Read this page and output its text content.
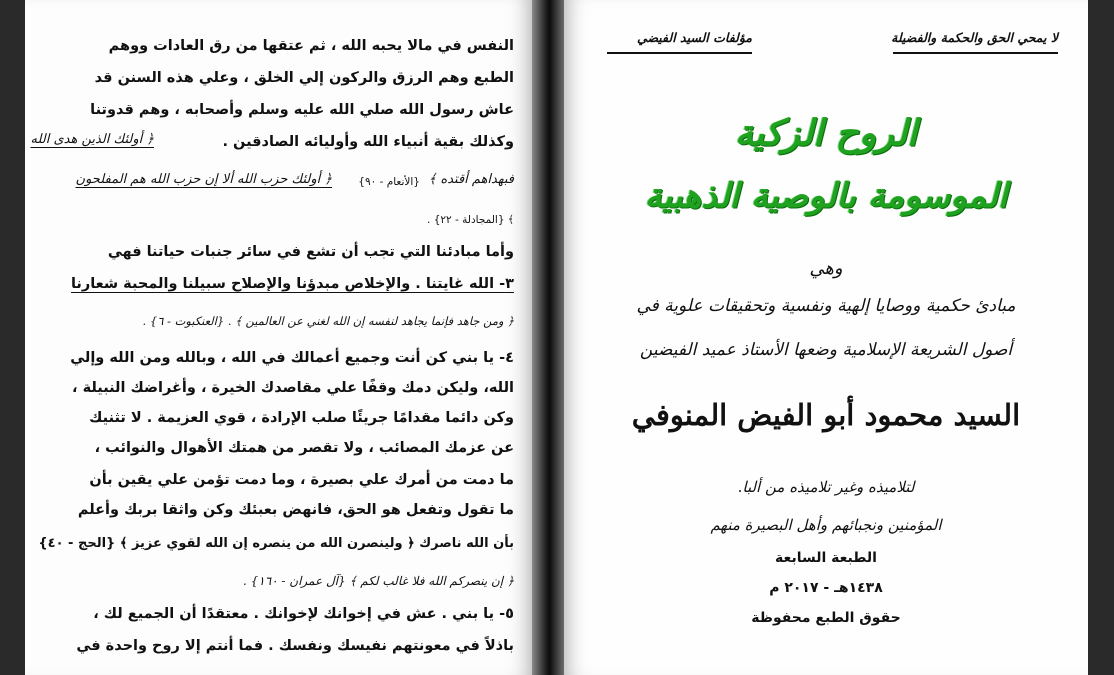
النفس في مالا يحبه الله ، ثم عتقها من رق العادات ووهم
الطبع وهم الرزق والركون إلي الخلق ، وعلي هذه السنن قد
عاش رسول الله صلي الله عليه وسلم وأصحابه ، وهم قدوتنا
وكذلك بقية أنبياء الله وأوليائه الصادقين .
﴿ أولئك الذين هدى الله
فبهداهم أقتده ﴾
{الأنعام - ٩٠}
﴿ أولئك حزب الله ألا إن حزب الله هم المفلحون
﴾ {المجادلة - ٢٢} .
وأما مبادئنا التي تجب أن تشع في سائر جنبات حياتنا فهي
٣- الله غايتنا . والإخلاص مبدؤنا والإصلاح سبيلنا والمحبة شعارنا
﴿ ومن جاهد فإنما يجاهد لنفسه إن الله لغني عن العالمين ﴾ . {العنكبوت - ٦} .
٤- يا بني كن أنت وجميع أعمالك في الله ، وبالله ومن الله وإلي
الله، وليكن دمك وقفًا علي مقاصدك الخيرة ، وأغراضك النبيلة ،
وكن دائما مقدامًا جريئًا صلب الإرادة ، قوي العزيمة . لا تثنيك
عن عزمك المصائب ، ولا تقصر من همتك الأهوال والنوائب ،
ما دمت من أمرك علي بصيرة ، وما دمت تؤمن علي يقين بأن
ما تقول وتفعل هو الحق، فانهض بعبئك وكن واثقا بربك وأعلم
بأن الله ناصرك ﴿ ولينصرن الله من ينصره إن الله لقوي عزيز ﴾ {الحج - ٤٠}
﴿ إن ينصركم الله فلا غالب لكم ﴾ {آل عمران - ١٦٠} .
٥- يا بني . عش في إخوانك لإخوانك . معتقدًا أن الجميع لك ،
باذلاً في معونتهم نفيسك ونفسك . فما أنتم إلا روح واحدة في
لا يمحي الحق والحكمة والفضيلة
مؤلفات السيد الفيضي
الروح الزكية
الموسومة بالوصية الذهبية
وهي
مبادئ حكمية ووصايا إلهية ونفسية وتحقيقات علوية في
أصول الشريعة الإسلامية وضعها الأستاذ عميد الفيضين
السيد محمود أبو الفيض المنوفي
لتلاميذه وغير تلاميذه من ألبا.
المؤمنين ونجبائهم وأهل البصيرة منهم
الطبعة السابعة
١٤٣٨هـ - ٢٠١٧ م
حقوق الطبع محفوظة
